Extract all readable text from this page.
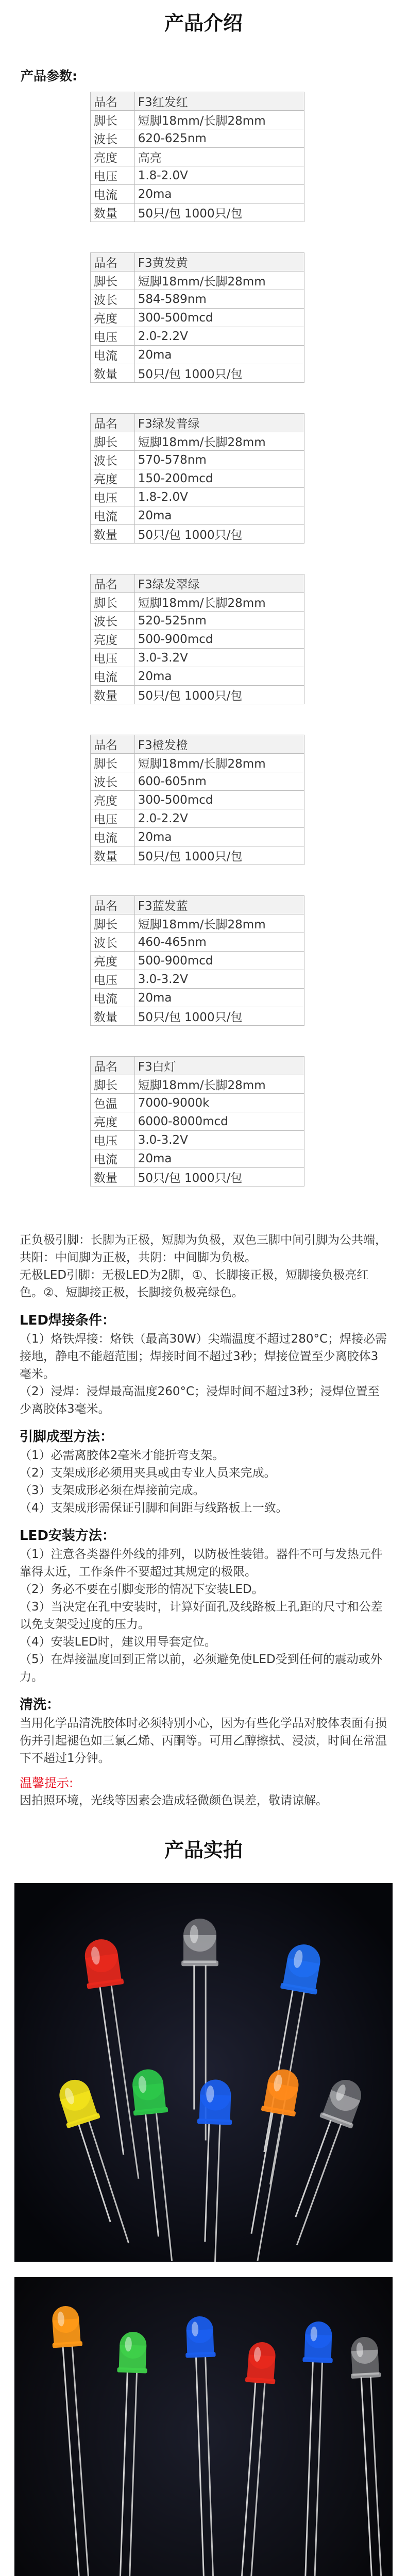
产品介绍
产品参数:
品名	F3红发红
脚长	短脚18mm/长脚28mm
波长	620-625nm
亮度	高亮
电压	1.8-2.0V
电流	20ma
数量	50只/包 1000只/包
品名	F3黄发黄
脚长	短脚18mm/长脚28mm
波长	584-589nm
亮度	300-500mcd
电压	2.0-2.2V
电流	20ma
数量	50只/包 1000只/包
品名	F3绿发普绿
脚长	短脚18mm/长脚28mm
波长	570-578nm
亮度	150-200mcd
电压	1.8-2.0V
电流	20ma
数量	50只/包 1000只/包
品名	F3绿发翠绿
脚长	短脚18mm/长脚28mm
波长	520-525nm
亮度	500-900mcd
电压	3.0-3.2V
电流	20ma
数量	50只/包 1000只/包
品名	F3橙发橙
脚长	短脚18mm/长脚28mm
波长	600-605nm
亮度	300-500mcd
电压	2.0-2.2V
电流	20ma
数量	50只/包 1000只/包
品名	F3蓝发蓝
脚长	短脚18mm/长脚28mm
波长	460-465nm
亮度	500-900mcd
电压	3.0-3.2V
电流	20ma
数量	50只/包 1000只/包
品名	F3白灯
脚长	短脚18mm/长脚28mm
色温	7000-9000k
亮度	6000-8000mcd
电压	3.0-3.2V
电流	20ma
数量	50只/包 1000只/包

正负极引脚：长脚为正极，短脚为负极，双色三脚中间引脚为公共端，共阳：中间脚为正极，共阴：中间脚为负极。

无极LED引脚：无极LED为2脚，①、长脚接正极，短脚接负极亮红色。②、短脚接正极，长脚接负极亮绿色。

LED焊接条件：

（1）烙铁焊接：烙铁（最高30W）尖端温度不超过280°C；焊接必需接地，静电不能超范围；焊接时间不超过3秒；焊接位置至少离胶体3毫米。

（2）浸焊：浸焊最高温度260°C；浸焊时间不超过3秒；浸焊位置至少离胶体3毫米。

引脚成型方法：

（1）必需离胶体2毫米才能折弯支架。

（2）支架成形必须用夹具或由专业人员来完成。

（3）支架成形必须在焊接前完成。

（4）支架成形需保证引脚和间距与线路板上一致。

LED安装方法：

（1）注意各类器件外线的排列，以防极性装错。器件不可与发热元件靠得太近，工作条件不要超过其规定的极限。

（2）务必不要在引脚变形的情况下安装LED。

（3）当决定在孔中安装时，计算好面孔及线路板上孔距的尺寸和公差以免支架受过度的压力。

（4）安装LED时，建议用导套定位。

（5）在焊接温度回到正常以前，必须避免使LED受到任何的震动或外力。

清洗：

当用化学品清洗胶体时必须特别小心，因为有些化学品对胶体表面有损伤并引起褪色如三氯乙烯、丙酮等。可用乙醇擦拭、浸渍，时间在常温下不超过1分钟。

温馨提示:

因拍照环境，光线等因素会造成轻微颜色误差，敬请谅解。

产品实拍
